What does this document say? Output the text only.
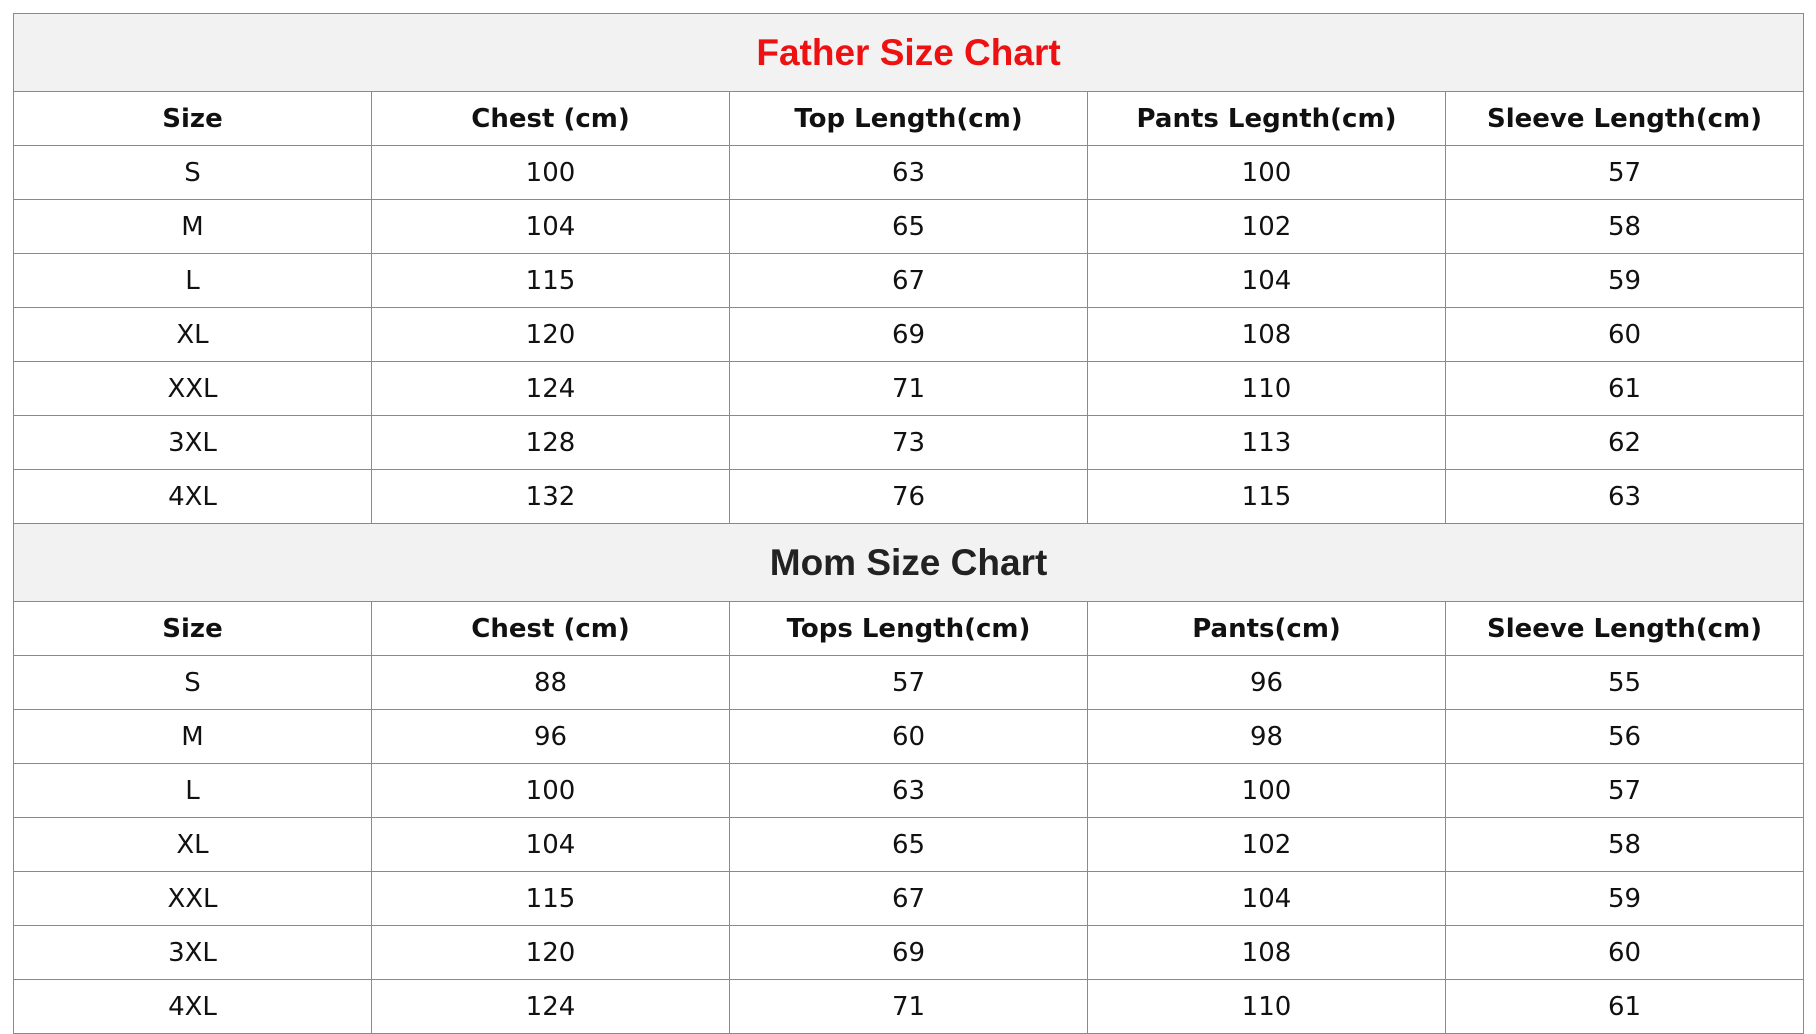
Father Size Chart				
Size	Chest (cm)	Top Length(cm)	Pants Legnth(cm)	Sleeve Length(cm)
S	100	63	100	57
M	104	65	102	58
L	115	67	104	59
XL	120	69	108	60
XXL	124	71	110	61
3XL	128	73	113	62
4XL	132	76	115	63
Mom Size Chart				
Size	Chest (cm)	Tops Length(cm)	Pants(cm)	Sleeve Length(cm)
S	88	57	96	55
M	96	60	98	56
L	100	63	100	57
XL	104	65	102	58
XXL	115	67	104	59
3XL	120	69	108	60
4XL	124	71	110	61
